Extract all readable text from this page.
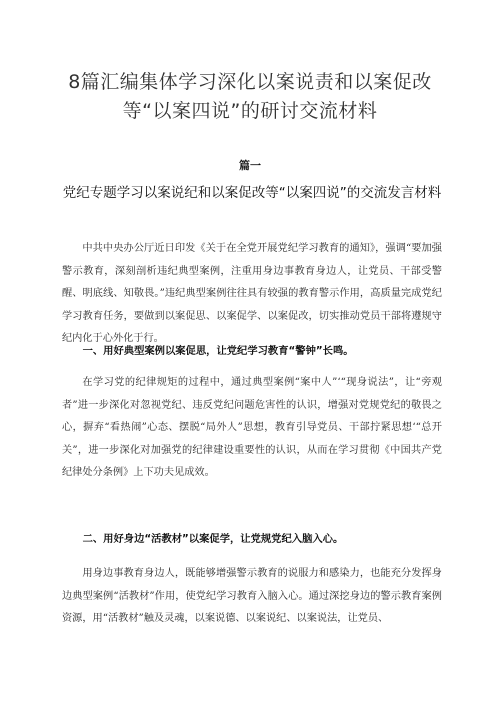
8篇汇编集体学习深化以案说责和以案促改等“以案四说”的研讨交流材料
篇一
党纪专题学习以案说纪和以案促改等“以案四说”的交流发言材料

中共中央办公厅近日印发《关于在全党开展党纪学习教育的通知》，强调“要加强警示教育，深刻剖析违纪典型案例，注重用身边事教育身边人，让党员、干部受警醒、明底线、知敬畏。”违纪典型案例往往具有较强的教育警示作用，高质量完成党纪学习教育任务，要做到以案促思、以案促学、以案促改，切实推动党员干部将遵规守纪内化于心外化于行。

一、用好典型案例以案促思，让党纪学习教育“警钟”长鸣。

在学习党的纪律规矩的过程中，通过典型案例“案中人”‘“现身说法”，让“旁观者”进一步深化对忽视党纪、违反党纪问题危害性的认识，增强对党规党纪的敬畏之心，摒弃“看热闹”心态、摆脱“局外人”思想，教育引导党员、干部拧紧思想‘“总开关”，进一步深化对加强党的纪律建设重要性的认识，从而在学习贯彻《中国共产党纪律处分条例》上下功夫见成效。

二、用好身边“活教材”以案促学，让党规党纪入脑入心。

用身边事教育身边人，既能够增强警示教育的说服力和感染力，也能充分发挥身边典型案例“活教材”作用，使党纪学习教育入脑入心。通过深挖身边的警示教育案例资源，用“活教材”触及灵魂，以案说德、以案说纪、以案说法，让党员、
